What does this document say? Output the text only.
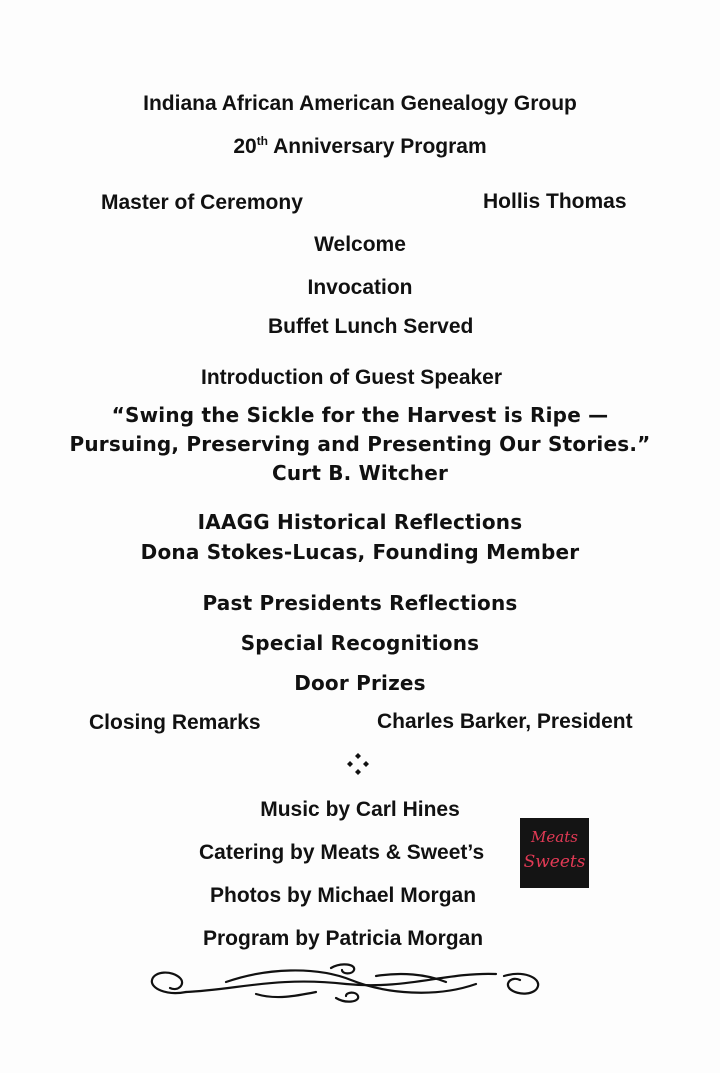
Indiana African American Genealogy Group
20th Anniversary Program
Master of Ceremony	Hollis Thomas
Welcome
Invocation
Buffet Lunch Served
Introduction of Guest Speaker
“Swing the Sickle for the Harvest is Ripe —
Pursuing, Preserving and Presenting Our Stories.”
Curt B. Witcher
IAAGG Historical Reflections
Dona Stokes-Lucas, Founding Member
Past Presidents Reflections
Special Recognitions
Door Prizes
Closing Remarks	Charles Barker, President
Music by Carl Hines
Catering by Meats & Sweet’s
Meats
Sweets
Photos by Michael Morgan
Program by Patricia Morgan
